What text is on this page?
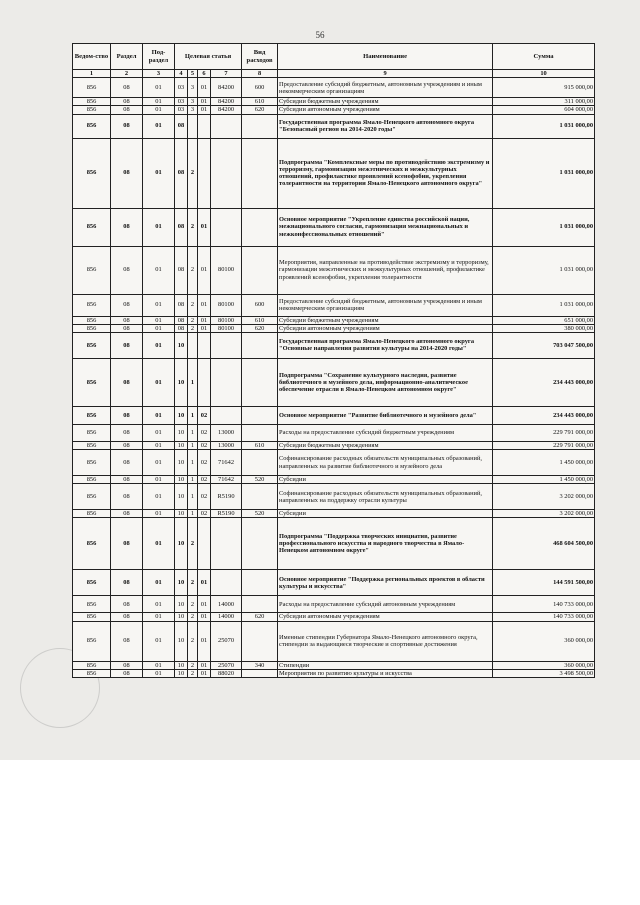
56
Ведом-ство	Раздел	Под-раздел	Целевая статья				Вид расходов	Наименование	Сумма
1	2	3	4	5	6	7	8	9	10
856	08	01	03	3	01	84200	600	Предоставление субсидий бюджетным, автономным учреждениям и иным некоммерческим организациям	915 000,00
856	08	01	03	3	01	84200	610	Субсидии бюджетным учреждениям	311 000,00
856	08	01	03	3	01	84200	620	Субсидии автономным учреждениям	604 000,00
856	08	01	08					Государственная программа Ямало-Ненецкого автономного округа "Безопасный регион на 2014-2020 годы"	1 031 000,00
856	08	01	08	2				Подпрограмма "Комплексные меры по противодействию экстремизму и терроризму, гармонизации межэтнических и межкультурных отношений, профилактике проявлений ксенофобии, укрепления толерантности на территории Ямало-Ненецкого автономного округа"	1 031 000,00
856	08	01	08	2	01			Основное мероприятие "Укрепление единства российской нации, межнационального согласия, гармонизация межнациональных и межконфессиональных отношений"	1 031 000,00
856	08	01	08	2	01	80100		Мероприятия, направленные на противодействие экстремизму и терроризму, гармонизации межэтнических и межкультурных отношений, профилактике проявлений ксенофобии, укрепления толерантности	1 031 000,00
856	08	01	08	2	01	80100	600	Предоставление субсидий бюджетным, автономным учреждениям и иным некоммерческим организациям	1 031 000,00
856	08	01	08	2	01	80100	610	Субсидии бюджетным учреждениям	651 000,00
856	08	01	08	2	01	80100	620	Субсидии автономным учреждениям	380 000,00
856	08	01	10					Государственная программа Ямало-Ненецкого автономного округа "Основные направления развития культуры на 2014-2020 годы"	703 047 500,00
856	08	01	10	1				Подпрограмма "Сохранение культурного наследия, развитие библиотечного и музейного дела, информационно-аналитическое обеспечение отрасли в Ямало-Ненецком автономном округе"	234 443 000,00
856	08	01	10	1	02			Основное мероприятие "Развитие библиотечного и музейного дела"	234 443 000,00
856	08	01	10	1	02	13000		Расходы на предоставление субсидий бюджетным учреждениям	229 791 000,00
856	08	01	10	1	02	13000	610	Субсидии бюджетным учреждениям	229 791 000,00
856	08	01	10	1	02	71642		Софинансирование расходных обязательств муниципальных образований, направленных на развитие библиотечного и музейного дела	1 450 000,00
856	08	01	10	1	02	71642	520	Субсидии	1 450 000,00
856	08	01	10	1	02	R5190		Софинансирование расходных обязательств муниципальных образований, направленных на поддержку отрасли культуры	3 202 000,00
856	08	01	10	1	02	R5190	520	Субсидии	3 202 000,00
856	08	01	10	2				Подпрограмма "Поддержка творческих инициатив, развитие профессионального искусства и народного творчества в Ямало-Ненецком автономном округе"	468 604 500,00
856	08	01	10	2	01			Основное мероприятие "Поддержка региональных проектов в области культуры и искусства"	144 591 500,00
856	08	01	10	2	01	14000		Расходы на предоставление субсидий автономным учреждениям	140 733 000,00
856	08	01	10	2	01	14000	620	Субсидии автономным учреждениям	140 733 000,00
856	08	01	10	2	01	25070		Именные стипендии Губернатора Ямало-Ненецкого автономного округа, стипендии за выдающиеся творческие и спортивные достижения	360 000,00
856	08	01	10	2	01	25070	340	Стипендии	360 000,00
856	08	01	10	2	01	88020		Мероприятия по развитию культуры и искусства	3 498 500,00
